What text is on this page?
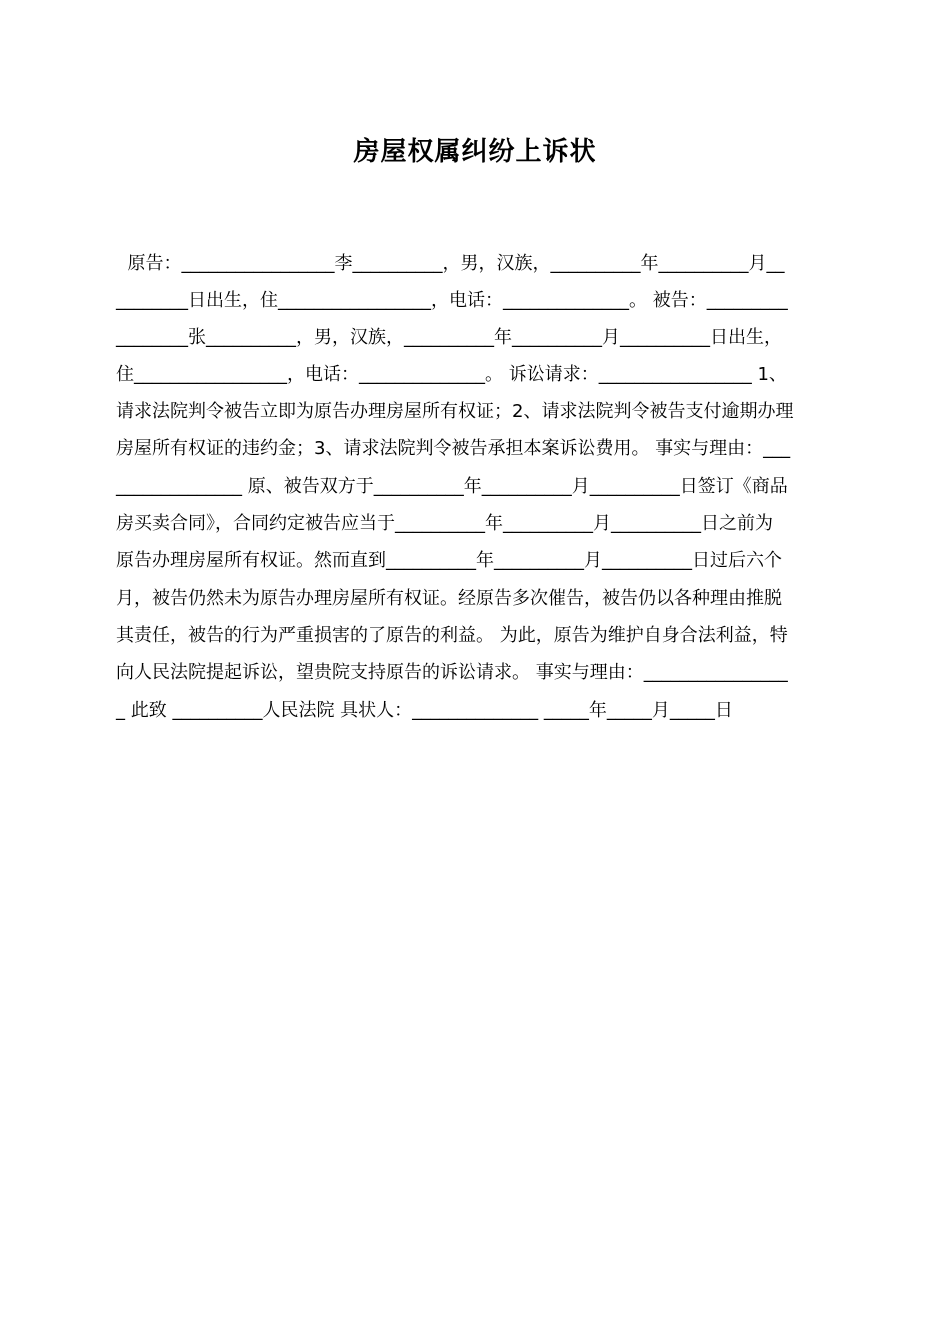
房屋权属纠纷上诉状
原告：_________________李__________，男，汉族，__________年__________月__
________日出生，住_________________，电话：______________。 被告：_________
________张__________，男，汉族，__________年__________月__________日出生，
住_________________，电话：______________。 诉讼请求：_________________ 1、
请求法院判令被告立即为原告办理房屋所有权证；2、请求法院判令被告支付逾期办理
房屋所有权证的违约金；3、请求法院判令被告承担本案诉讼费用。 事实与理由：___
______________ 原、被告双方于__________年__________月__________日签订《商品
房买卖合同》，合同约定被告应当于__________年__________月__________日之前为
原告办理房屋所有权证。然而直到__________年__________月__________日过后六个
月，被告仍然未为原告办理房屋所有权证。经原告多次催告，被告仍以各种理由推脱
其责任，被告的行为严重损害的了原告的利益。 为此，原告为维护自身合法利益，特
向人民法院提起诉讼，望贵院支持原告的诉讼请求。 事实与理由：________________
_ 此致 __________人民法院 具状人：______________ _____年_____月_____日
